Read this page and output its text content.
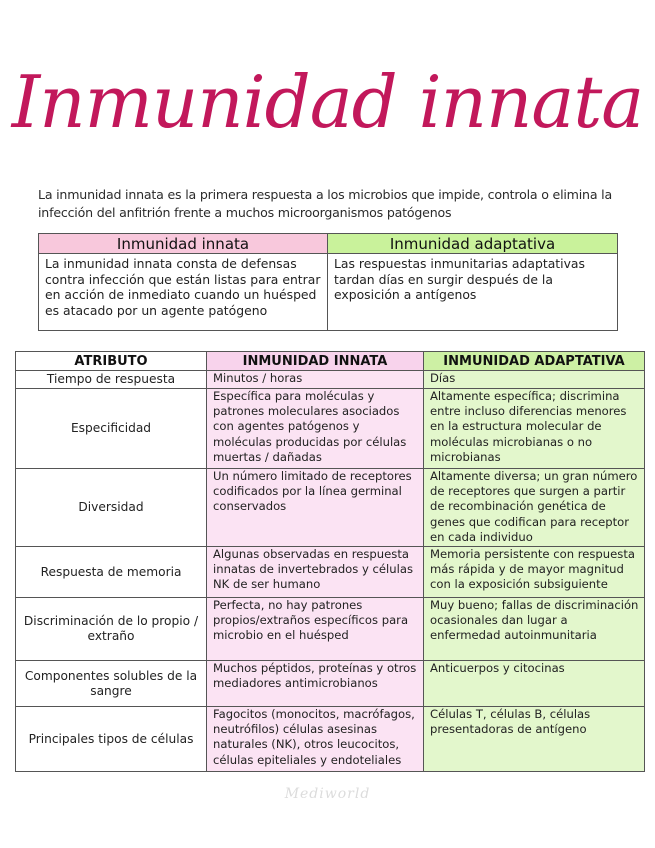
Inmunidad innata
La inmunidad innata es la primera respuesta a los microbios que impide, controla o elimina la infección del anfitrión frente a muchos microorganismos patógenos
Inmunidad innata	Inmunidad adaptativa
La inmunidad innata consta de defensas contra infección que están listas para entrar en acción de inmediato cuando un huésped es atacado por un agente patógeno	Las respuestas inmunitarias adaptativas tardan días en surgir después de la exposición a antígenos
ATRIBUTO	INMUNIDAD INNATA	INMUNIDAD ADAPTATIVA
Tiempo de respuesta	Minutos / horas	Días
Especificidad	Específica para moléculas y patrones moleculares asociados con agentes patógenos y moléculas producidas por células muertas / dañadas	Altamente específica; discrimina entre incluso diferencias menores en la estructura molecular de moléculas microbianas o no microbianas
Diversidad	Un número limitado de receptores codificados por la línea germinal conservados	Altamente diversa; un gran número de receptores que surgen a partir de recombinación genética de genes que codifican para receptor en cada individuo
Respuesta de memoria	Algunas observadas en respuesta innatas de invertebrados y células NK de ser humano	Memoria persistente con respuesta más rápida y de mayor magnitud con la exposición subsiguiente
Discriminación de lo propio / extraño	Perfecta, no hay patrones propios/extraños específicos para microbio en el huésped	Muy bueno; fallas de discriminación ocasionales dan lugar a enfermedad autoinmunitaria
Componentes solubles de la sangre	Muchos péptidos, proteínas y otros mediadores antimicrobianos	Anticuerpos y citocinas
Principales tipos de células	Fagocitos (monocitos, macrófagos, neutrófilos) células asesinas naturales (NK), otros leucocitos, células epiteliales y endoteliales	Células T, células B, células presentadoras de antígeno
Mediworld
